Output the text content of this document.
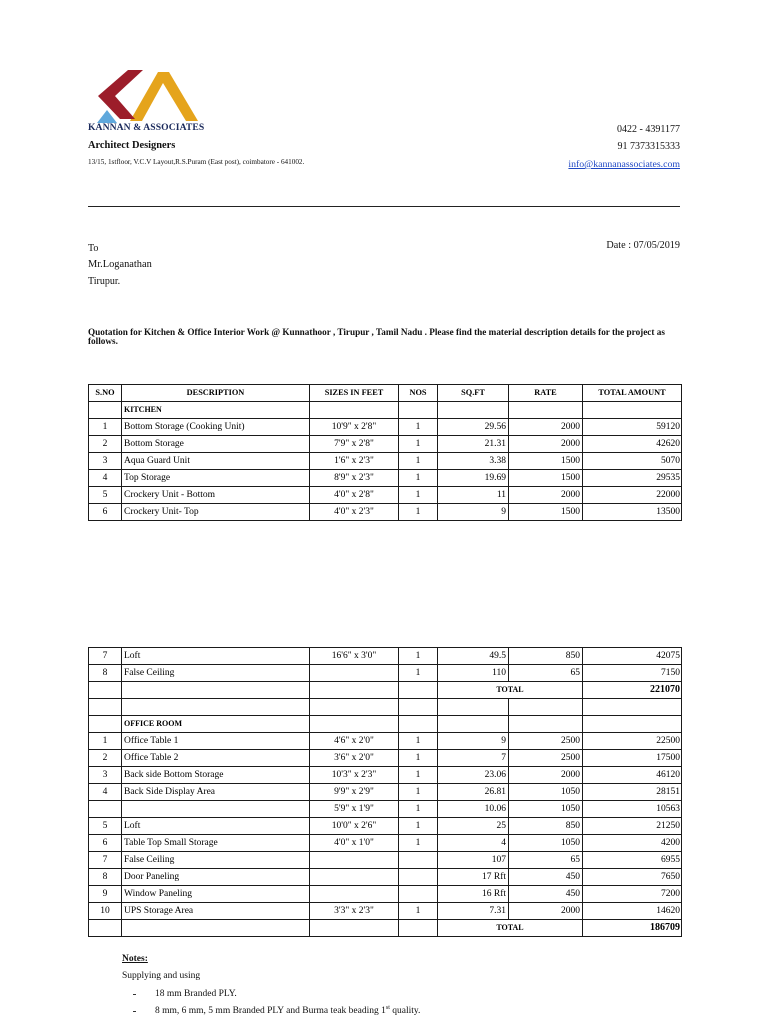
KANNAN & ASSOCIATES
Architect Designers
13/15, 1stfloor, V.C.V Layout,R.S.Puram (East post), coimbatore - 641002.
0422 - 4391177
91 7373315333
info@kannanassociates.com
To
Mr.Loganathan
Tirupur.
Date : 07/05/2019
Quotation for Kitchen & Office Interior Work @ Kunnathoor , Tirupur , Tamil Nadu . Please find the material description details for the project as follows.
S.NO	DESCRIPTION	SIZES IN FEET	NOS	SQ.FT	RATE	TOTAL AMOUNT
	KITCHEN					
1	Bottom Storage (Cooking Unit)	10'9" x 2'8"	1	29.56	2000	59120
2	Bottom Storage	7'9" x 2'8"	1	21.31	2000	42620
3	Aqua Guard Unit	1'6" x 2'3"	1	3.38	1500	5070
4	Top Storage	8'9" x 2'3"	1	19.69	1500	29535
5	Crockery Unit - Bottom	4'0" x 2'8"	1	11	2000	22000
6	Crockery Unit- Top	4'0" x 2'3"	1	9	1500	13500
7	Loft	16'6" x 3'0"	1	49.5	850	42075
8	False Ceiling		1	110	65	7150
				TOTAL		221070

	OFFICE ROOM					
1	Office Table 1	4'6" x 2'0"	1	9	2500	22500
2	Office Table 2	3'6" x 2'0"	1	7	2500	17500
3	Back side Bottom Storage	10'3" x 2'3"	1	23.06	2000	46120
4	Back Side Display Area	9'9" x 2'9"	1	26.81	1050	28151
		5'9" x 1'9"	1	10.06	1050	10563
5	Loft	10'0" x 2'6"	1	25	850	21250
6	Table Top Small Storage	4'0" x 1'0"	1	4	1050	4200
7	False Ceiling			107	65	6955
8	Door Paneling			17 Rft	450	7650
9	Window Paneling			16 Rft	450	7200
10	UPS Storage Area	3'3" x 2'3"	1	7.31	2000	14620
				TOTAL		186709
Notes:
Supplying and using
18 mm Branded PLY.
8 mm, 6 mm, 5 mm Branded PLY and Burma teak beading 1st quality.
